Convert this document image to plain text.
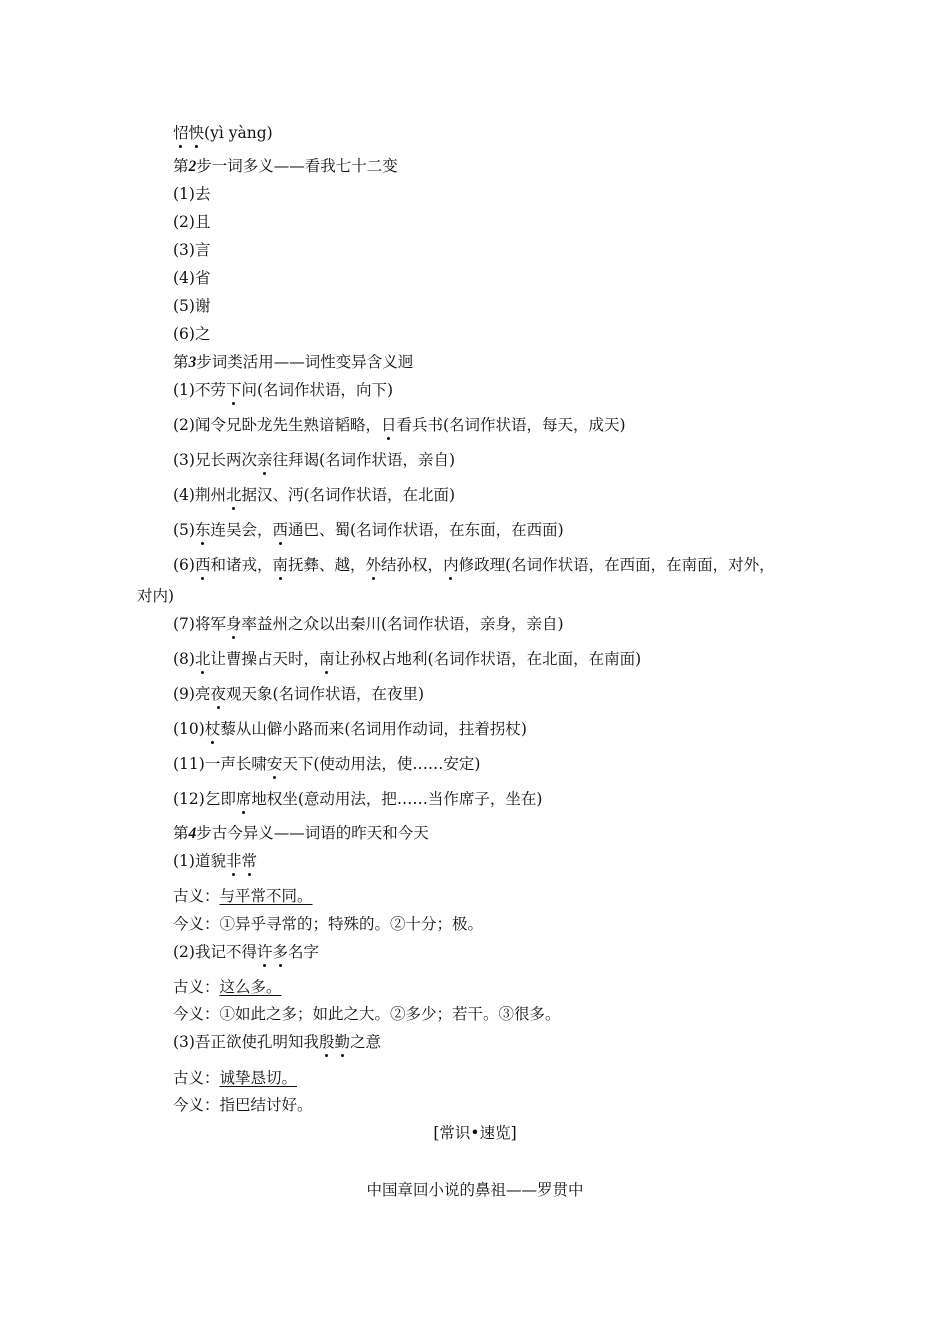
怊怏(yì yàng)
第2步一词多义——看我七十二变
(1)去
(2)且
(3)言
(4)省
(5)谢
(6)之
第3步词类活用——词性变异含义迥
(1)不劳下问(名词作状语，向下)
(2)闻令兄卧龙先生熟谙韬略，日看兵书(名词作状语，每天，成天)
(3)兄长两次亲往拜谒(名词作状语，亲自)
(4)荆州北据汉、沔(名词作状语，在北面)
(5)东连吴会，西通巴、蜀(名词作状语，在东面，在西面)
(6)西和诸戎，南抚彝、越，外结孙权，内修政理(名词作状语，在西面，在南面，对外，
对内)
(7)将军身率益州之众以出秦川(名词作状语，亲身，亲自)
(8)北让曹操占天时，南让孙权占地利(名词作状语，在北面，在南面)
(9)亮夜观天象(名词作状语，在夜里)
(10)杖藜从山僻小路而来(名词用作动词，拄着拐杖)
(11)一声长啸安天下(使动用法，使……安定)
(12)乞即席地权坐(意动用法，把……当作席子，坐在)
第4步古今异义——词语的昨天和今天
(1)道貌非常
古义：与平常不同。
今义：①异乎寻常的；特殊的。②十分；极。
(2)我记不得许多名字
古义：这么多。
今义：①如此之多；如此之大。②多少；若干。③很多。
(3)吾正欲使孔明知我殷勤之意
古义：诚挚恳切。
今义：指巴结讨好。
[常识•速览]
中国章回小说的鼻祖——罗贯中
